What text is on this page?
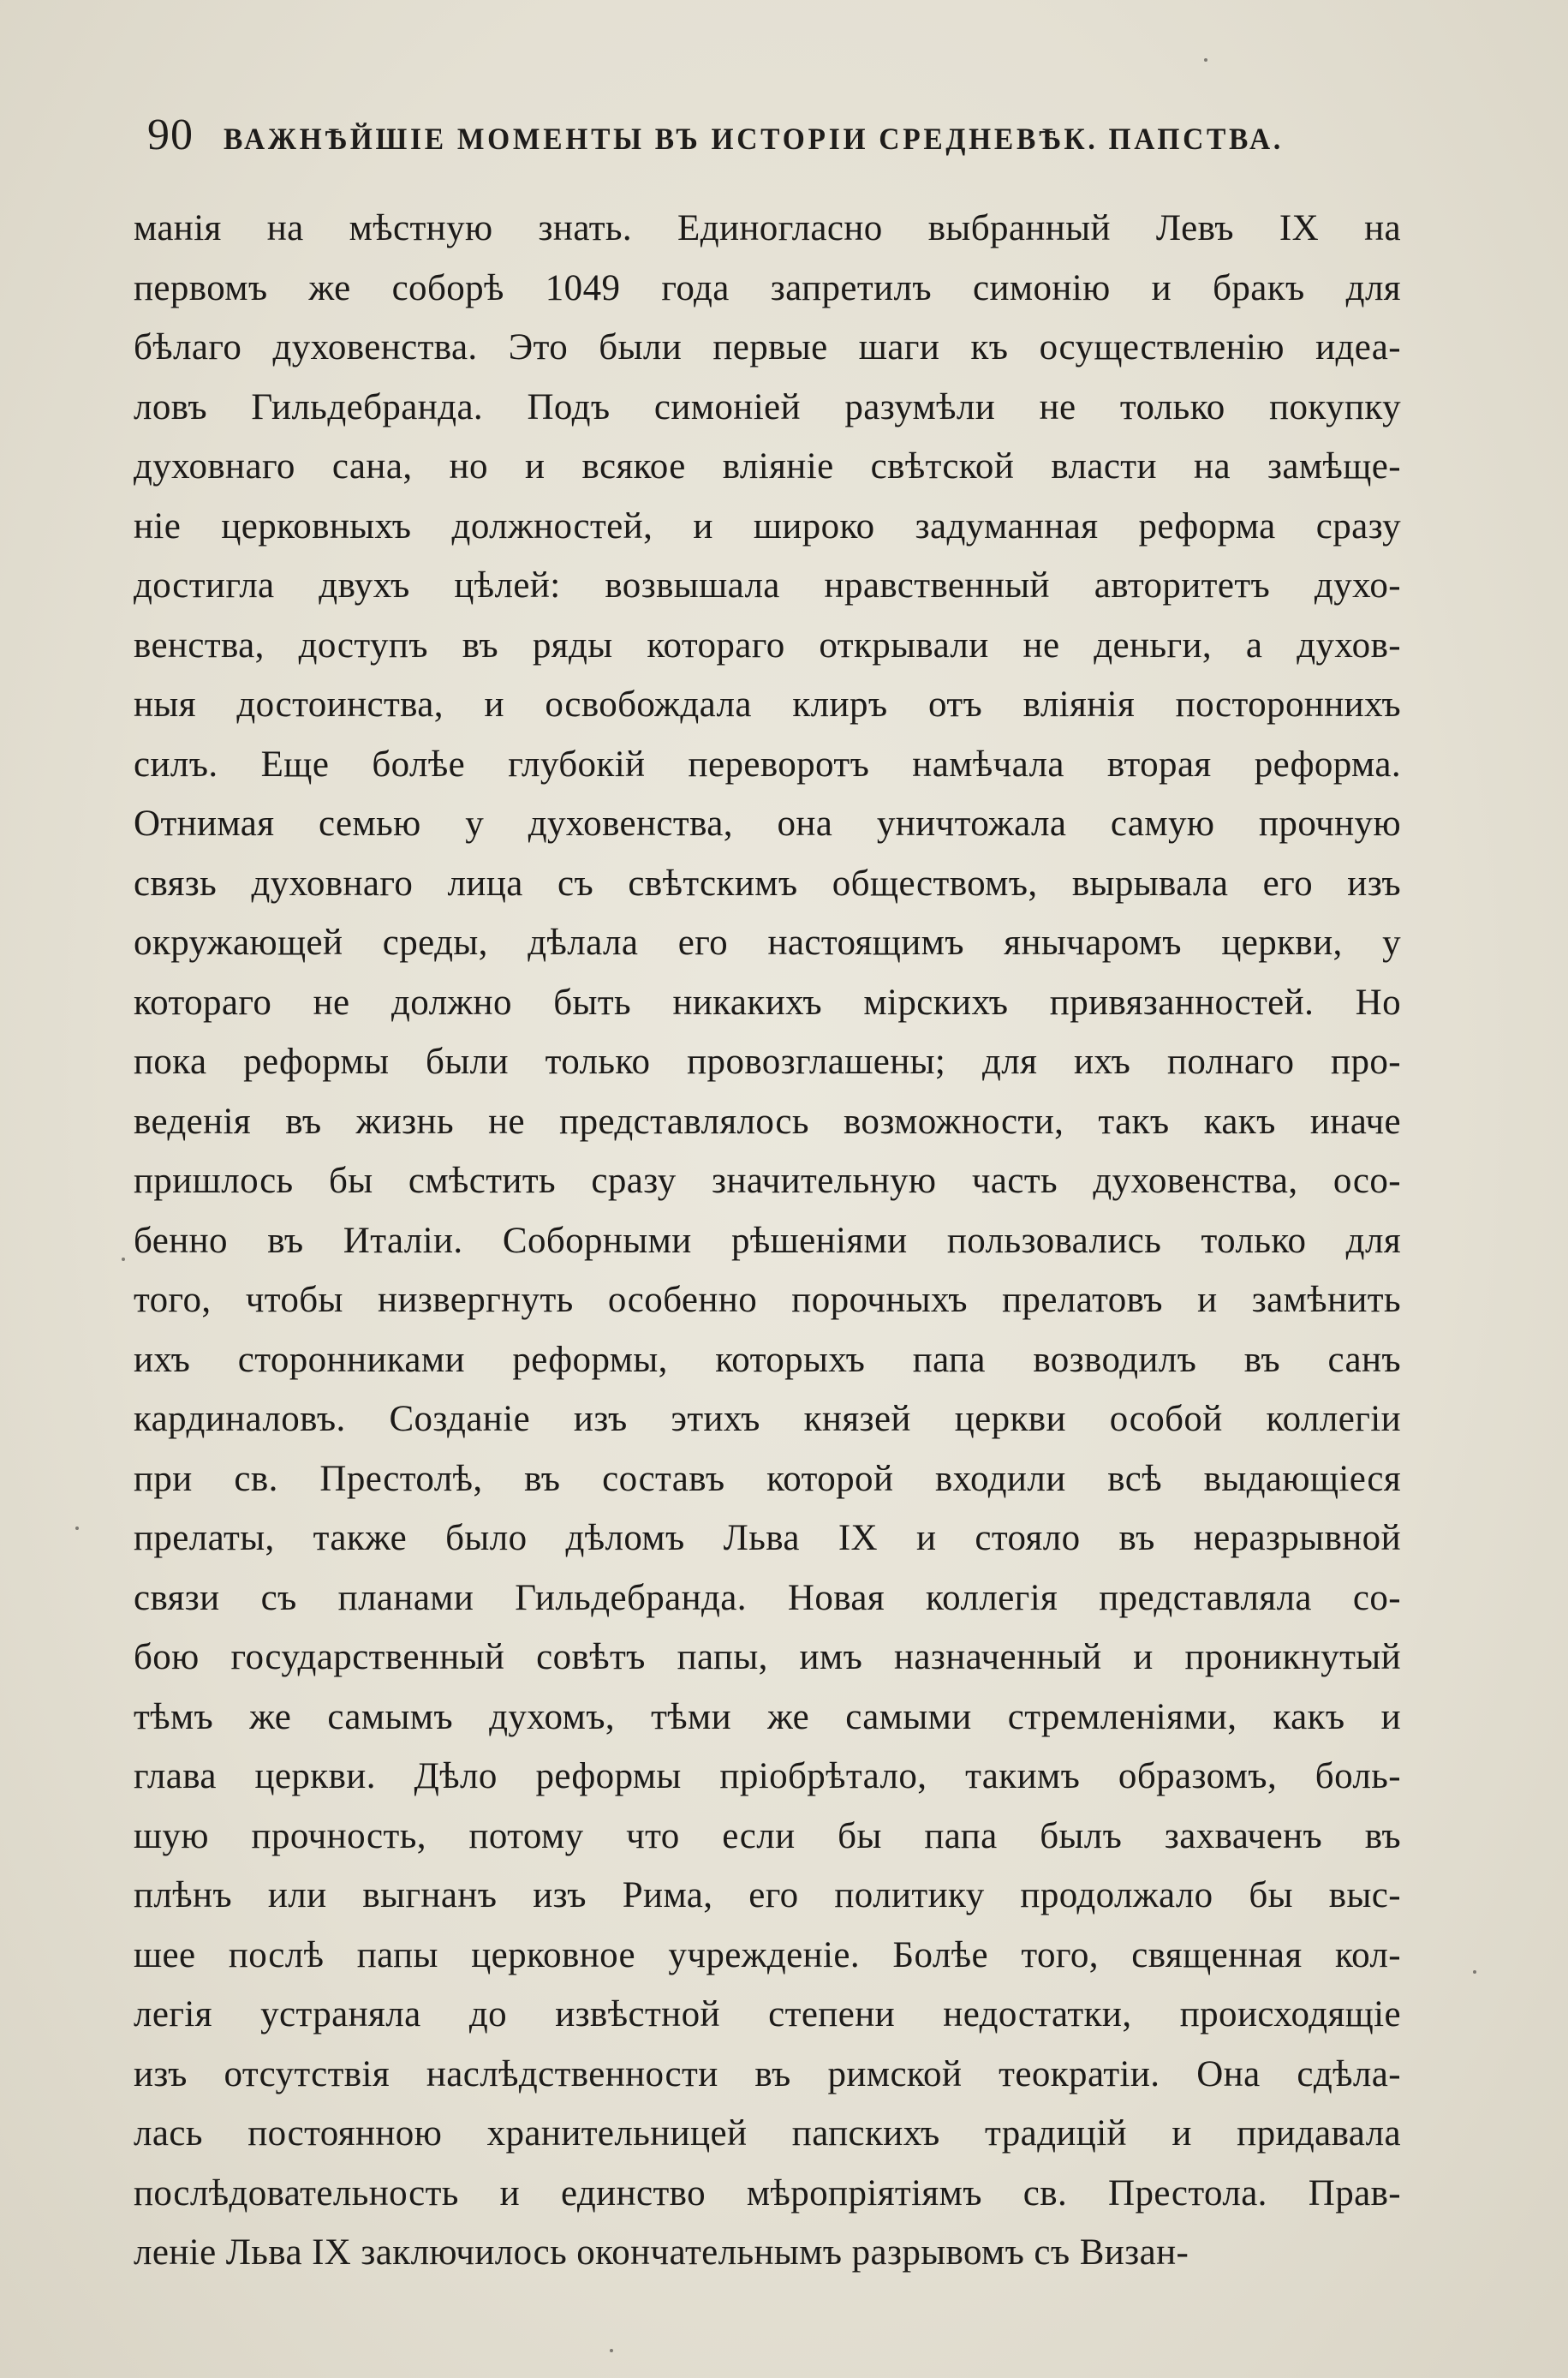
90 ВАЖНѢЙШІЕ МОМЕНТЫ ВЪ ИСТОРІИ СРЕДНЕВѢК. ПАПСТВА.
манія на мѣстную знать. Единогласно выбранный Левъ IX на
первомъ же соборѣ 1049 года запретилъ симонію и бракъ для
бѣлаго духовенства. Это были первые шаги къ осуществленію идеа-
ловъ Гильдебранда. Подъ симоніей разумѣли не только покупку
духовнаго сана, но и всякое вліяніе свѣтской власти на замѣще-
ніе церковныхъ должностей, и широко задуманная реформа сразу
достигла двухъ цѣлей: возвышала нравственный авторитетъ духо-
венства, доступъ въ ряды котораго открывали не деньги, а духов-
ныя достоинства, и освобождала клиръ отъ вліянія постороннихъ
силъ. Еще болѣе глубокій переворотъ намѣчала вторая реформа.
Отнимая семью у духовенства, она уничтожала самую прочную
связь духовнаго лица съ свѣтскимъ обществомъ, вырывала его изъ
окружающей среды, дѣлала его настоящимъ янычаромъ церкви, у
котораго не должно быть никакихъ мірскихъ привязанностей. Но
пока реформы были только провозглашены; для ихъ полнаго про-
веденія въ жизнь не представлялось возможности, такъ какъ иначе
пришлось бы смѣстить сразу значительную часть духовенства, осо-
бенно въ Италіи. Соборными рѣшеніями пользовались только для
того, чтобы низвергнуть особенно порочныхъ прелатовъ и замѣнить
ихъ сторонниками реформы, которыхъ папа возводилъ въ санъ
кардиналовъ. Созданіе изъ этихъ князей церкви особой коллегіи
при св. Престолѣ, въ составъ которой входили всѣ выдающіеся
прелаты, также было дѣломъ Льва IX и стояло въ неразрывной
связи съ планами Гильдебранда. Новая коллегія представляла со-
бою государственный совѣтъ папы, имъ назначенный и проникнутый
тѣмъ же самымъ духомъ, тѣми же самыми стремленіями, какъ и
глава церкви. Дѣло реформы пріобрѣтало, такимъ образомъ, боль-
шую прочность, потому что если бы папа былъ захваченъ въ
плѣнъ или выгнанъ изъ Рима, его политику продолжало бы выс-
шее послѣ папы церковное учрежденіе. Болѣе того, священная кол-
легія устраняла до извѣстной степени недостатки, происходящіе
изъ отсутствія наслѣдственности въ римской теократіи. Она сдѣла-
лась постоянною хранительницей папскихъ традицій и придавала
послѣдовательность и единство мѣропріятіямъ св. Престола. Прав-
леніе Льва IX заключилось окончательнымъ разрывомъ съ Визан-
